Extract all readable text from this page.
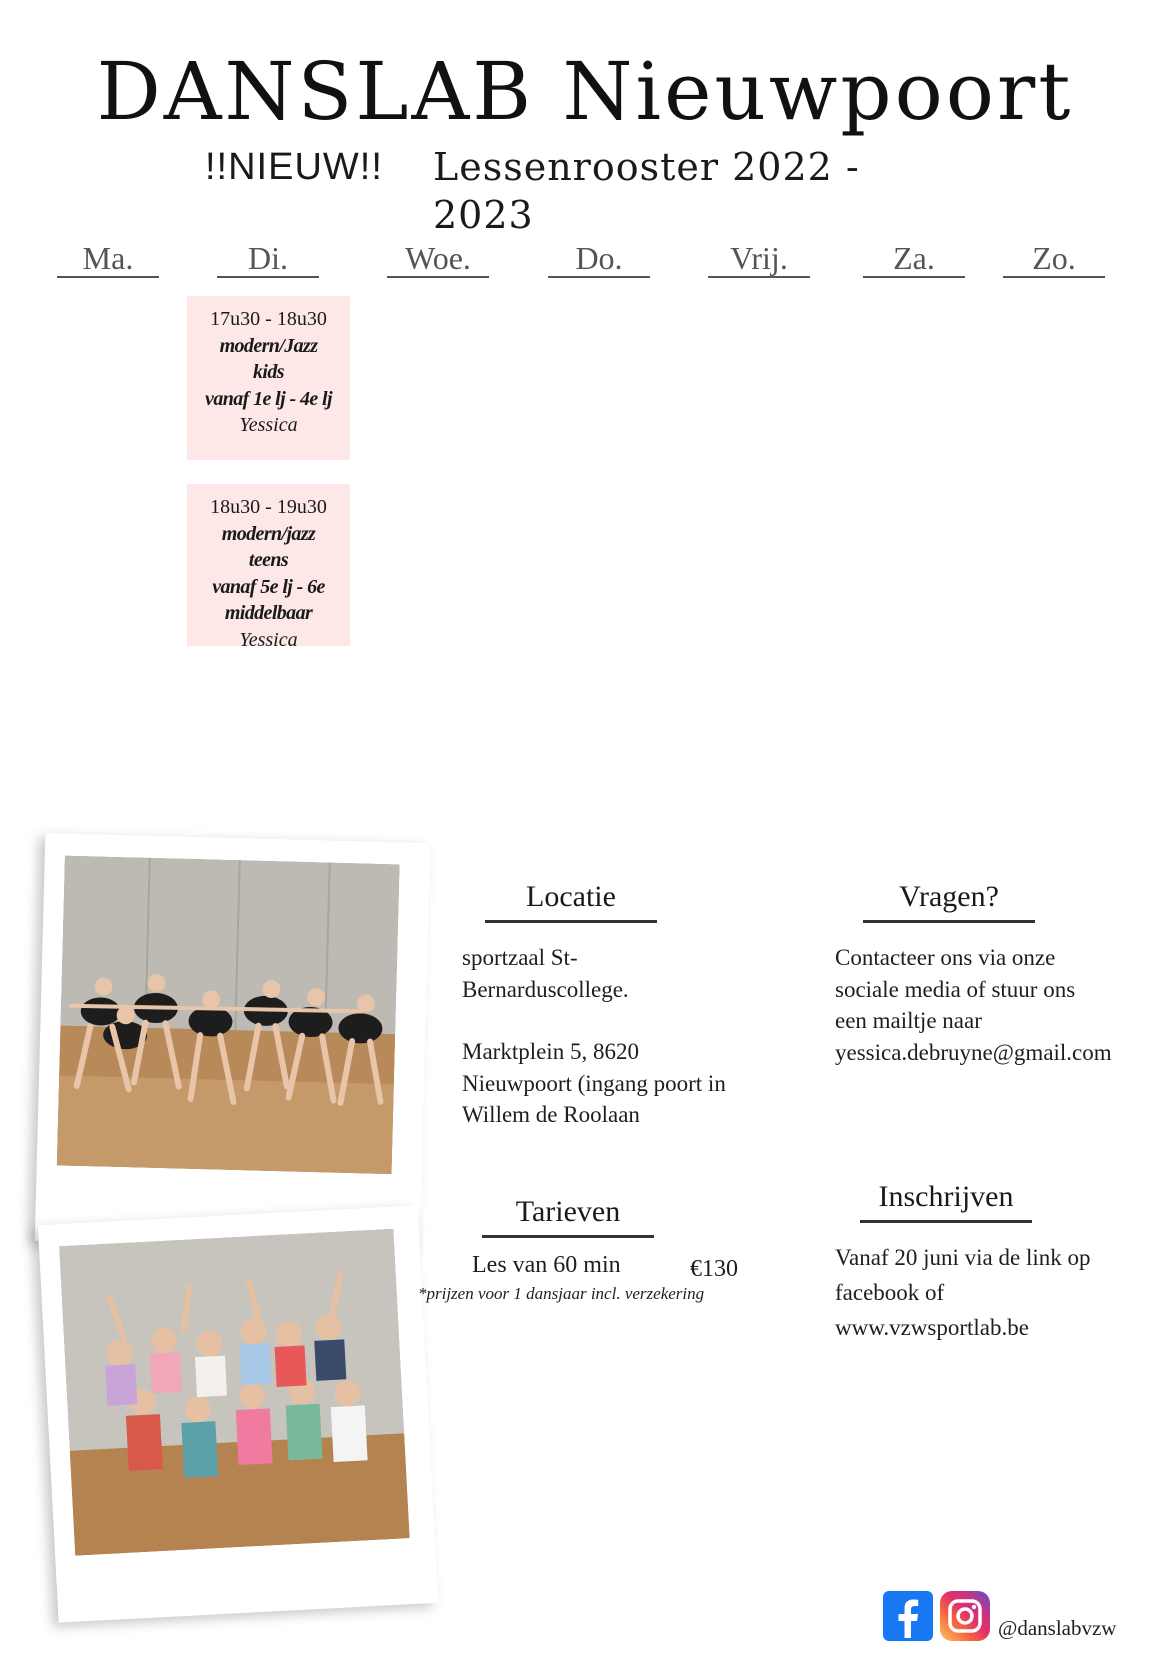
DANSLAB Nieuwpoort
!!NIEUW!! Lessenrooster 2022 - 2023
Ma.	Di.	Woe.	Do.	Vrij.	Za.	Zo.
17u30 - 18u30
modern/Jazz
kids
vanaf 1e lj - 4e lj
Yessica
18u30 - 19u30
modern/jazz
teens
vanaf 5e lj - 6e
middelbaar
Yessica
Locatie
sportzaal St-
Bernarduscollege.
Marktplein 5, 8620
Nieuwpoort (ingang poort in
Willem de Roolaan
Vragen?
Contacteer ons via onze
sociale media of stuur ons
een mailtje naar
yessica.debruyne@gmail.com
Tarieven
Les van 60 min	€130
*prijzen voor 1 dansjaar incl. verzekering
Inschrijven
Vanaf 20 juni via de link op
facebook of
www.vzwsportlab.be
@danslabvzw
